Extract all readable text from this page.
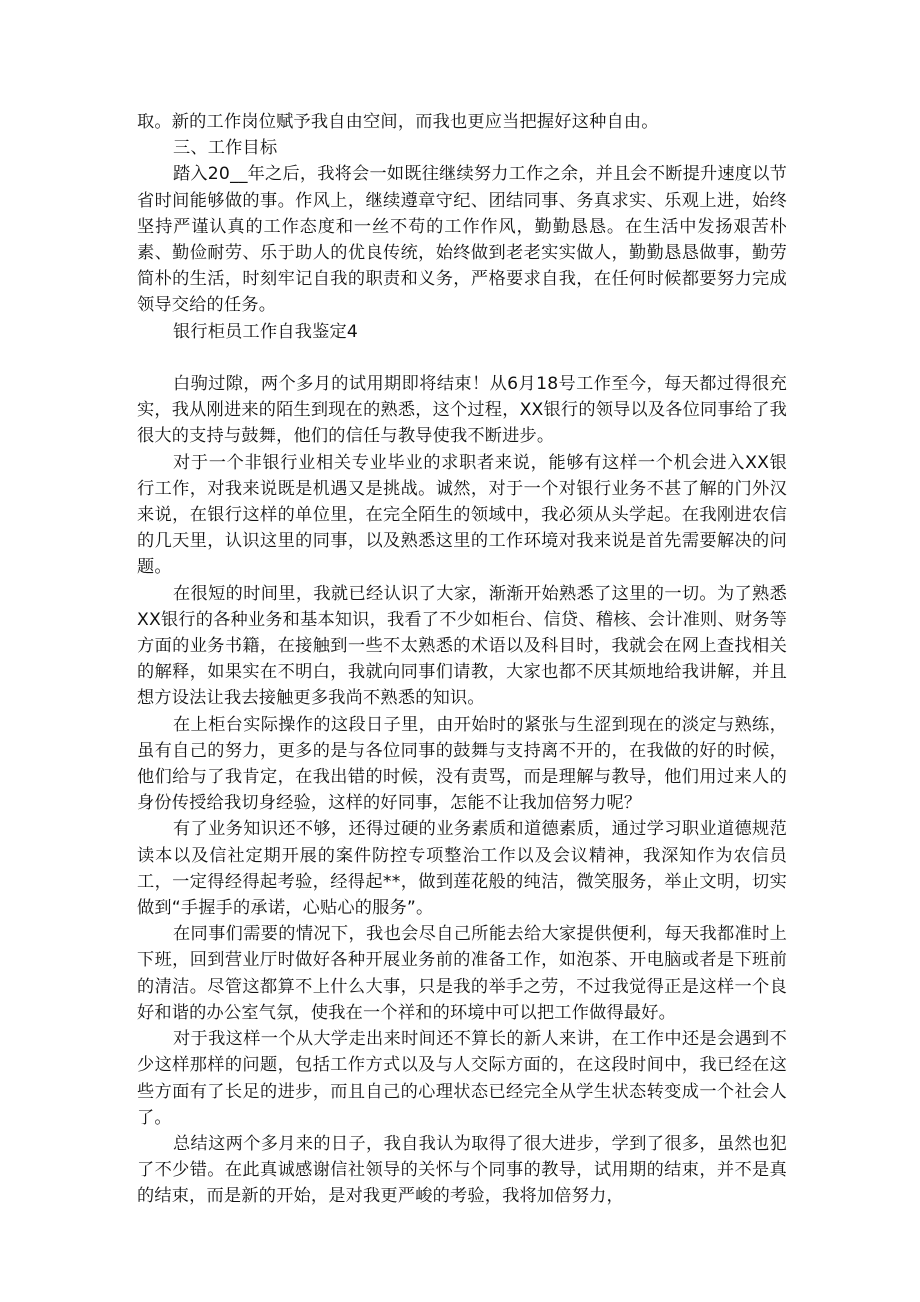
取。新的工作岗位赋予我自由空间，而我也更应当把握好这种自由。

三、工作目标

踏入20__年之后，我将会一如既往继续努力工作之余，并且会不断提升速度以节省时间能够做的事。作风上，继续遵章守纪、团结同事、务真求实、乐观上进，始终坚持严谨认真的工作态度和一丝不苟的工作作风，勤勤恳恳。在生活中发扬艰苦朴素、勤俭耐劳、乐于助人的优良传统，始终做到老老实实做人，勤勤恳恳做事，勤劳简朴的生活，时刻牢记自我的职责和义务，严格要求自我，在任何时候都要努力完成领导交给的任务。

银行柜员工作自我鉴定4

白驹过隙，两个多月的试用期即将结束！从6月18号工作至今，每天都过得很充实，我从刚进来的陌生到现在的熟悉，这个过程，XX银行的领导以及各位同事给了我很大的支持与鼓舞，他们的信任与教导使我不断进步。

对于一个非银行业相关专业毕业的求职者来说，能够有这样一个机会进入XX银行工作，对我来说既是机遇又是挑战。诚然，对于一个对银行业务不甚了解的门外汉来说，在银行这样的单位里，在完全陌生的领域中，我必须从头学起。在我刚进农信的几天里，认识这里的同事，以及熟悉这里的工作环境对我来说是首先需要解决的问题。

在很短的时间里，我就已经认识了大家，渐渐开始熟悉了这里的一切。为了熟悉XX银行的各种业务和基本知识，我看了不少如柜台、信贷、稽核、会计准则、财务等方面的业务书籍，在接触到一些不太熟悉的术语以及科目时，我就会在网上查找相关的解释，如果实在不明白，我就向同事们请教，大家也都不厌其烦地给我讲解，并且想方设法让我去接触更多我尚不熟悉的知识。

在上柜台实际操作的这段日子里，由开始时的紧张与生涩到现在的淡定与熟练，虽有自己的努力，更多的是与各位同事的鼓舞与支持离不开的，在我做的好的时候，他们给与了我肯定，在我出错的时候，没有责骂，而是理解与教导，他们用过来人的身份传授给我切身经验，这样的好同事，怎能不让我加倍努力呢？

有了业务知识还不够，还得过硬的业务素质和道德素质，通过学习职业道德规范读本以及信社定期开展的案件防控专项整治工作以及会议精神，我深知作为农信员工，一定得经得起考验，经得起**，做到莲花般的纯洁，微笑服务，举止文明，切实做到“手握手的承诺，心贴心的服务”。

在同事们需要的情况下，我也会尽自己所能去给大家提供便利，每天我都准时上下班，回到营业厅时做好各种开展业务前的准备工作，如泡茶、开电脑或者是下班前的清洁。尽管这都算不上什么大事，只是我的举手之劳，不过我觉得正是这样一个良好和谐的办公室气氛，使我在一个祥和的环境中可以把工作做得最好。

对于我这样一个从大学走出来时间还不算长的新人来讲，在工作中还是会遇到不少这样那样的问题，包括工作方式以及与人交际方面的，在这段时间中，我已经在这些方面有了长足的进步，而且自己的心理状态已经完全从学生状态转变成一个社会人了。

总结这两个多月来的日子，我自我认为取得了很大进步，学到了很多，虽然也犯了不少错。在此真诚感谢信社领导的关怀与个同事的教导，试用期的结束，并不是真的结束，而是新的开始，是对我更严峻的考验，我将加倍努力，
